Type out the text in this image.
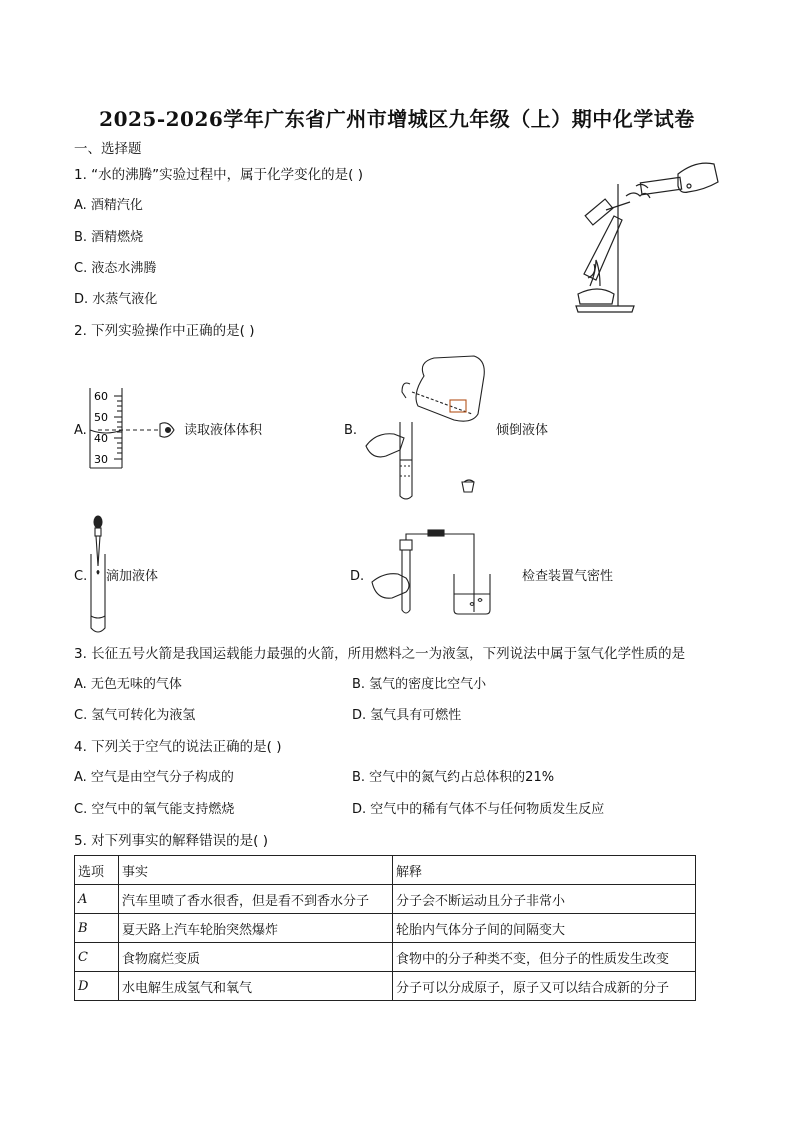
2025-2026学年广东省广州市增城区九年级（上）期中化学试卷
一、选择题
1. “水的沸腾”实验过程中，属于化学变化的是( )
A. 酒精汽化
B. 酒精燃烧
C. 液态水沸腾
D. 水蒸气液化
2. 下列实验操作中正确的是( )
A.
60
50
40
30
读取液体体积	B.	倾倒液体
C. 滴加液体	D.	检查装置气密性
3. 长征五号火箭是我国运载能力最强的火箭，所用燃料之一为液氢，下列说法中属于氢气化学性质的是
A. 无色无味的气体	B. 氢气的密度比空气小
C. 氢气可转化为液氢	D. 氢气具有可燃性
4. 下列关于空气的说法正确的是( )
A. 空气是由空气分子构成的	B. 空气中的氮气约占总体积的21%
C. 空气中的氧气能支持燃烧	D. 空气中的稀有气体不与任何物质发生反应
5. 对下列事实的解释错误的是( )
选项	事实	解释
A	汽车里喷了香水很香，但是看不到香水分子	分子会不断运动且分子非常小
B	夏天路上汽车轮胎突然爆炸	轮胎内气体分子间的间隔变大
C	食物腐烂变质	食物中的分子种类不变，但分子的性质发生改变
D	水电解生成氢气和氧气	分子可以分成原子，原子又可以结合成新的分子
